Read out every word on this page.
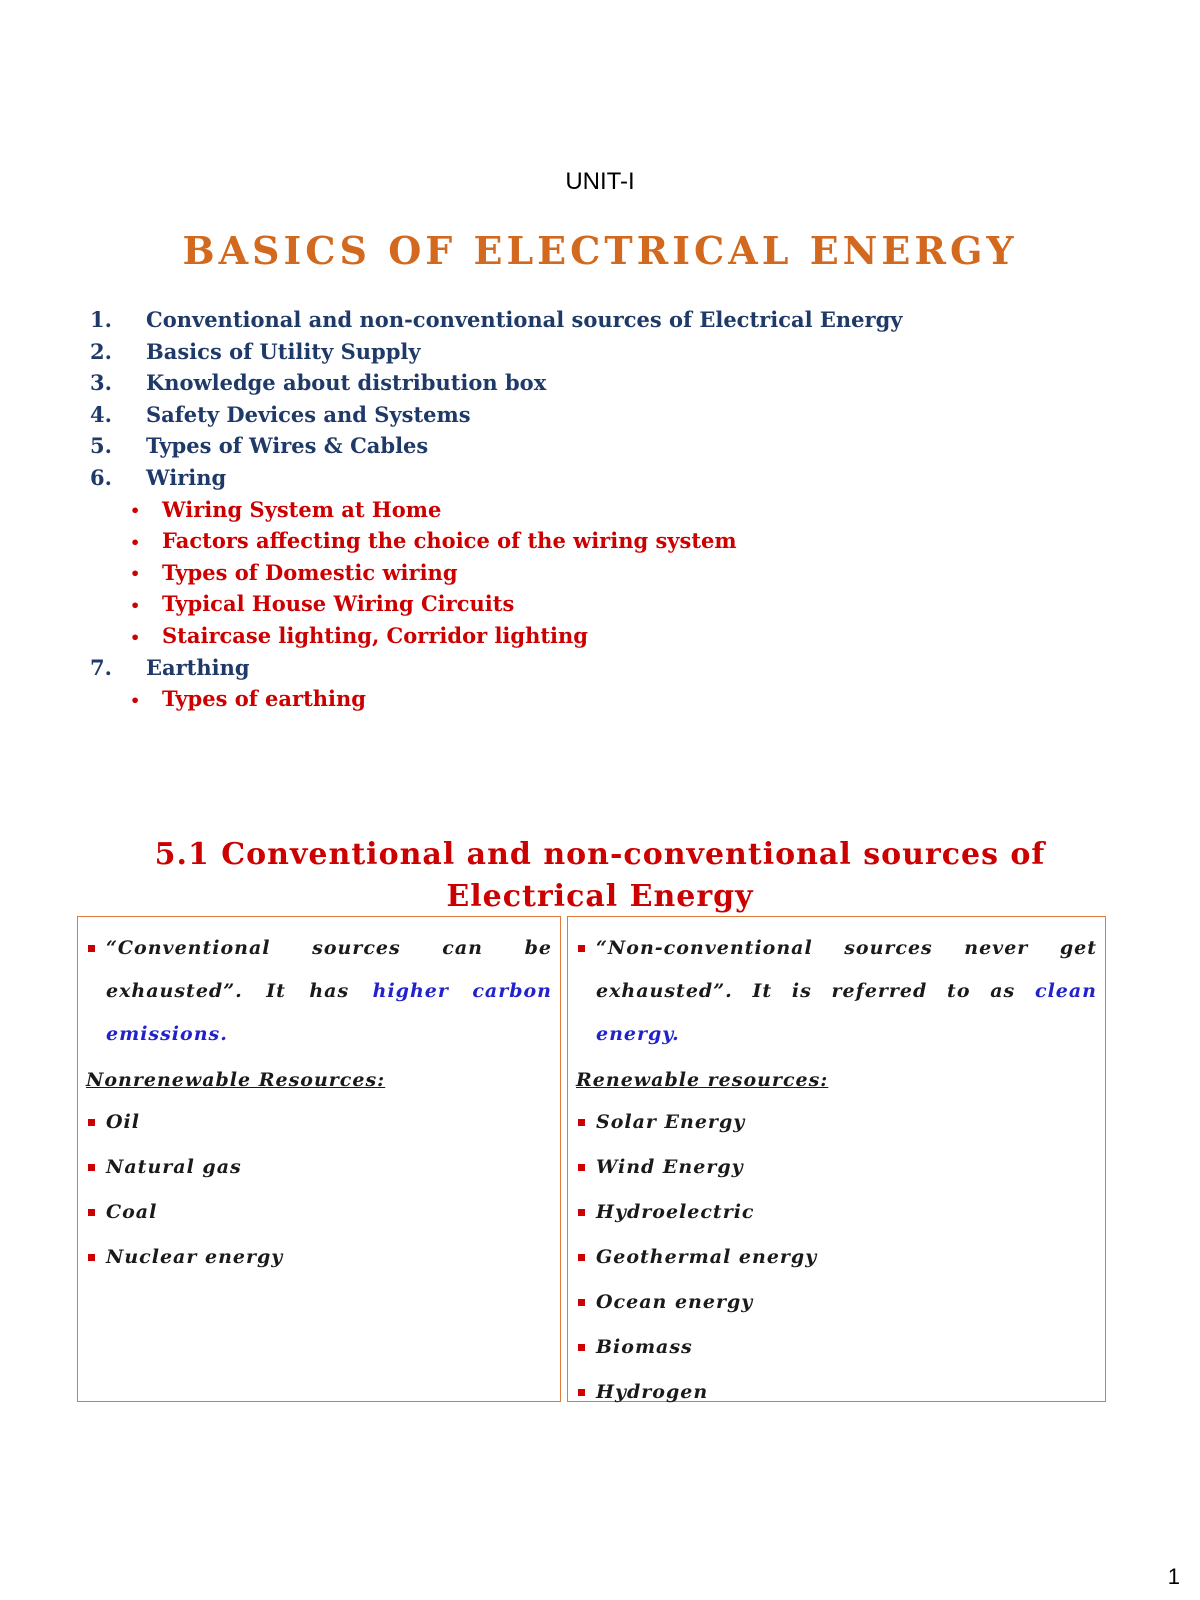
UNIT-I
BASICS OF ELECTRICAL ENERGY
1. Conventional and non-conventional sources of Electrical Energy
2. Basics of Utility Supply
3. Knowledge about distribution box
4. Safety Devices and Systems
5. Types of Wires & Cables
6. Wiring
• Wiring System at Home
• Factors affecting the choice of the wiring system
• Types of Domestic wiring
• Typical House Wiring Circuits
• Staircase lighting, Corridor lighting
7. Earthing
• Types of earthing
5.1 Conventional and non-conventional sources of
Electrical Energy
“Conventional sources can be exhausted”. It has higher carbon emissions.
Nonrenewable Resources:
Oil
Natural gas
Coal
Nuclear energy
“Non-conventional sources never get exhausted”. It is referred to as clean energy.
Renewable resources:
Solar Energy
Wind Energy
Hydroelectric
Geothermal energy
Ocean energy
Biomass
Hydrogen
1
